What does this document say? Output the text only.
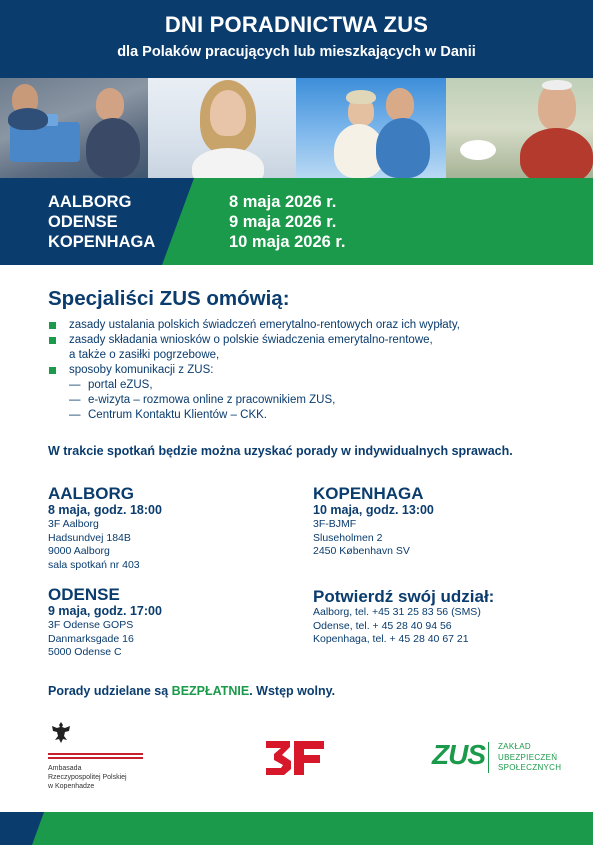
DNI PORADNICTWA ZUS
dla Polaków pracujących lub mieszkających w Danii
AALBORG
ODENSE
KOPENHAGA
8 maja 2026 r.
9 maja 2026 r.
10 maja 2026 r.
Specjaliści ZUS omówią:
zasady ustalania polskich świadczeń emerytalno-rentowych oraz ich wypłaty,
zasady składania wniosków o polskie świadczenia emerytalno-rentowe,
a także o zasiłki pogrzebowe,
sposoby komunikacji z ZUS:
— portal eZUS,
— e-wizyta – rozmowa online z pracownikiem ZUS,
— Centrum Kontaktu Klientów – CKK.
W trakcie spotkań będzie można uzyskać porady w indywidualnych sprawach.
AALBORG
8 maja, godz. 18:00
3F Aalborg
Hadsundvej 184B
9000 Aalborg
sala spotkań nr 403
ODENSE
9 maja, godz. 17:00
3F Odense GOPS
Danmarksgade 16
5000 Odense C
KOPENHAGA
10 maja, godz. 13:00
3F-BJMF
Sluseholmen 2
2450 København SV
Potwierdź swój udział:
Aalborg, tel. +45 31 25 83 56 (SMS)
Odense, tel. + 45 28 40 94 56
Kopenhaga, tel. + 45 28 40 67 21
Porady udzielane są BEZPŁATNIE. Wstęp wolny.
Ambasada
Rzeczypospolitej Polskiej
w Kopenhadze
ZUS ZAKŁAD
UBEZPIECZEŃ
SPOŁECZNYCH
